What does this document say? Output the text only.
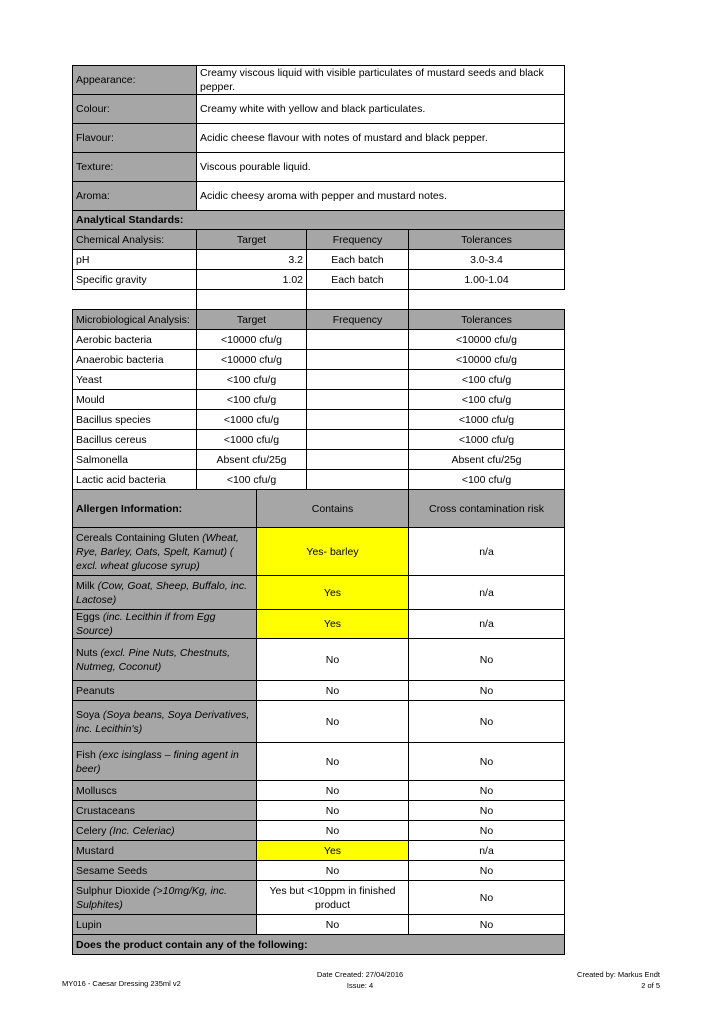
Appearance:	Creamy viscous liquid with visible particulates of mustard seeds and black pepper.			
Colour:	Creamy white with yellow and black particulates.			
Flavour:	Acidic cheese flavour with notes of mustard and black pepper.			
Texture:	Viscous pourable liquid.			
Aroma:	Acidic cheesy aroma with pepper and mustard notes.			
Analytical Standards:				
Chemical Analysis:	Target		Frequency	Tolerances
pH	3.2		Each batch	3.0-3.4
Specific gravity	1.02		Each batch	1.00-1.04

Microbiological Analysis:	Target		Frequency	Tolerances
Aerobic bacteria	<10000 cfu/g			<10000 cfu/g
Anaerobic bacteria	<10000 cfu/g			<10000 cfu/g
Yeast	<100 cfu/g			<100 cfu/g
Mould	<100 cfu/g			<100 cfu/g
Bacillus species	<1000 cfu/g			<1000 cfu/g
Bacillus cereus	<1000 cfu/g			<1000 cfu/g
Salmonella	Absent cfu/25g			Absent cfu/25g
Lactic acid bacteria	<100 cfu/g			<100 cfu/g
Allergen Information:		Contains		Cross contamination risk
Cereals Containing Gluten (Wheat, Rye, Barley, Oats, Spelt, Kamut) ( excl. wheat glucose syrup)		Yes- barley		n/a
Milk (Cow, Goat, Sheep, Buffalo, inc. Lactose)		Yes		n/a
Eggs (inc. Lecithin if from Egg Source)		Yes		n/a
Nuts (excl. Pine Nuts, Chestnuts, Nutmeg, Coconut)		No		No
Peanuts		No		No
Soya (Soya beans, Soya Derivatives, inc. Lecithin's)		No		No
Fish (exc isinglass – fining agent in beer)		No		No
Molluscs		No		No
Crustaceans		No		No
Celery (Inc. Celeriac)		No		No
Mustard		Yes		n/a
Sesame Seeds		No		No
Sulphur Dioxide (>10mg/Kg, inc. Sulphites)		Yes but <10ppm in finished product		No
Lupin		No		No
Does the product contain any of the following:				
MY016 - Caesar Dressing 235ml v2
Date Created: 27/04/2016
Issue: 4
Created by: Markus Endt
2 of 5
